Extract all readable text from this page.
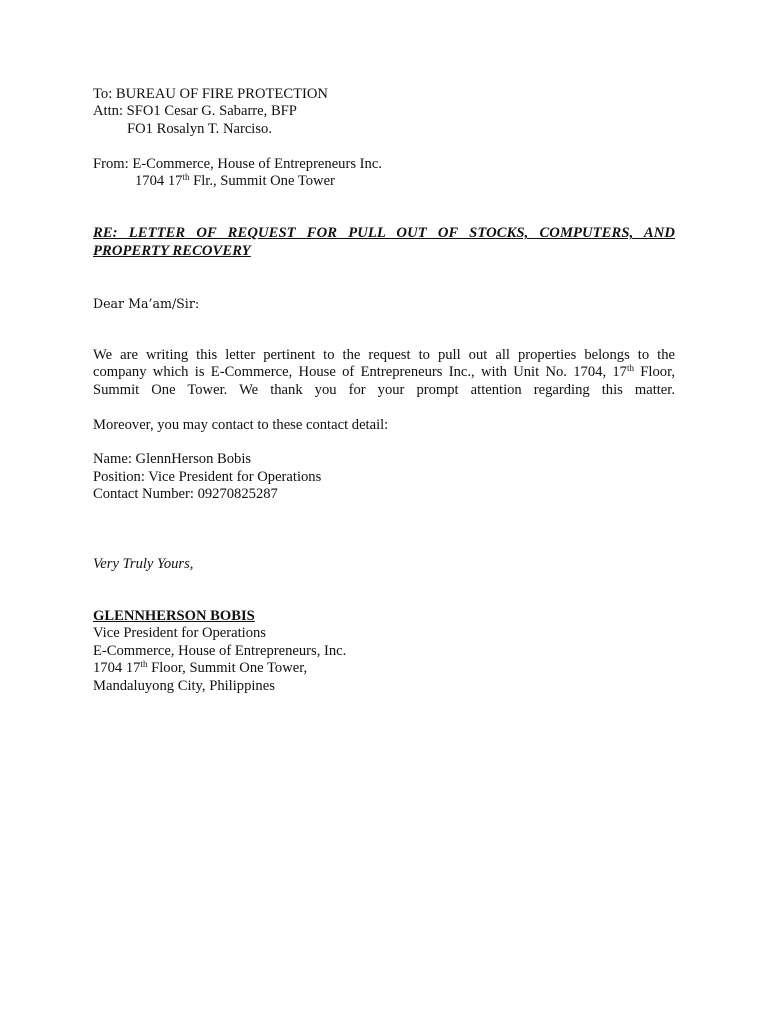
To: BUREAU OF FIRE PROTECTION
Attn: SFO1 Cesar G. Sabarre, BFP
FO1 Rosalyn T. Narciso.
From: E-Commerce, House of Entrepreneurs Inc.
1704 17th Flr., Summit One Tower
RE: LETTER OF REQUEST FOR PULL OUT OF STOCKS, COMPUTERS, AND
PROPERTY RECOVERY
Dear Ma’am/Sir:
We are writing this letter pertinent to the request to pull out all properties belongs to the
company which is E-Commerce, House of Entrepreneurs Inc., with Unit No. 1704, 17th Floor,
Summit One Tower. We thank you for your prompt attention regarding this matter.
Moreover, you may contact to these contact detail:
Name: GlennHerson Bobis
Position: Vice President for Operations
Contact Number: 09270825287
Very Truly Yours,
GLENNHERSON BOBIS
Vice President for Operations
E-Commerce, House of Entrepreneurs, Inc.
1704 17th Floor, Summit One Tower,
Mandaluyong City, Philippines
